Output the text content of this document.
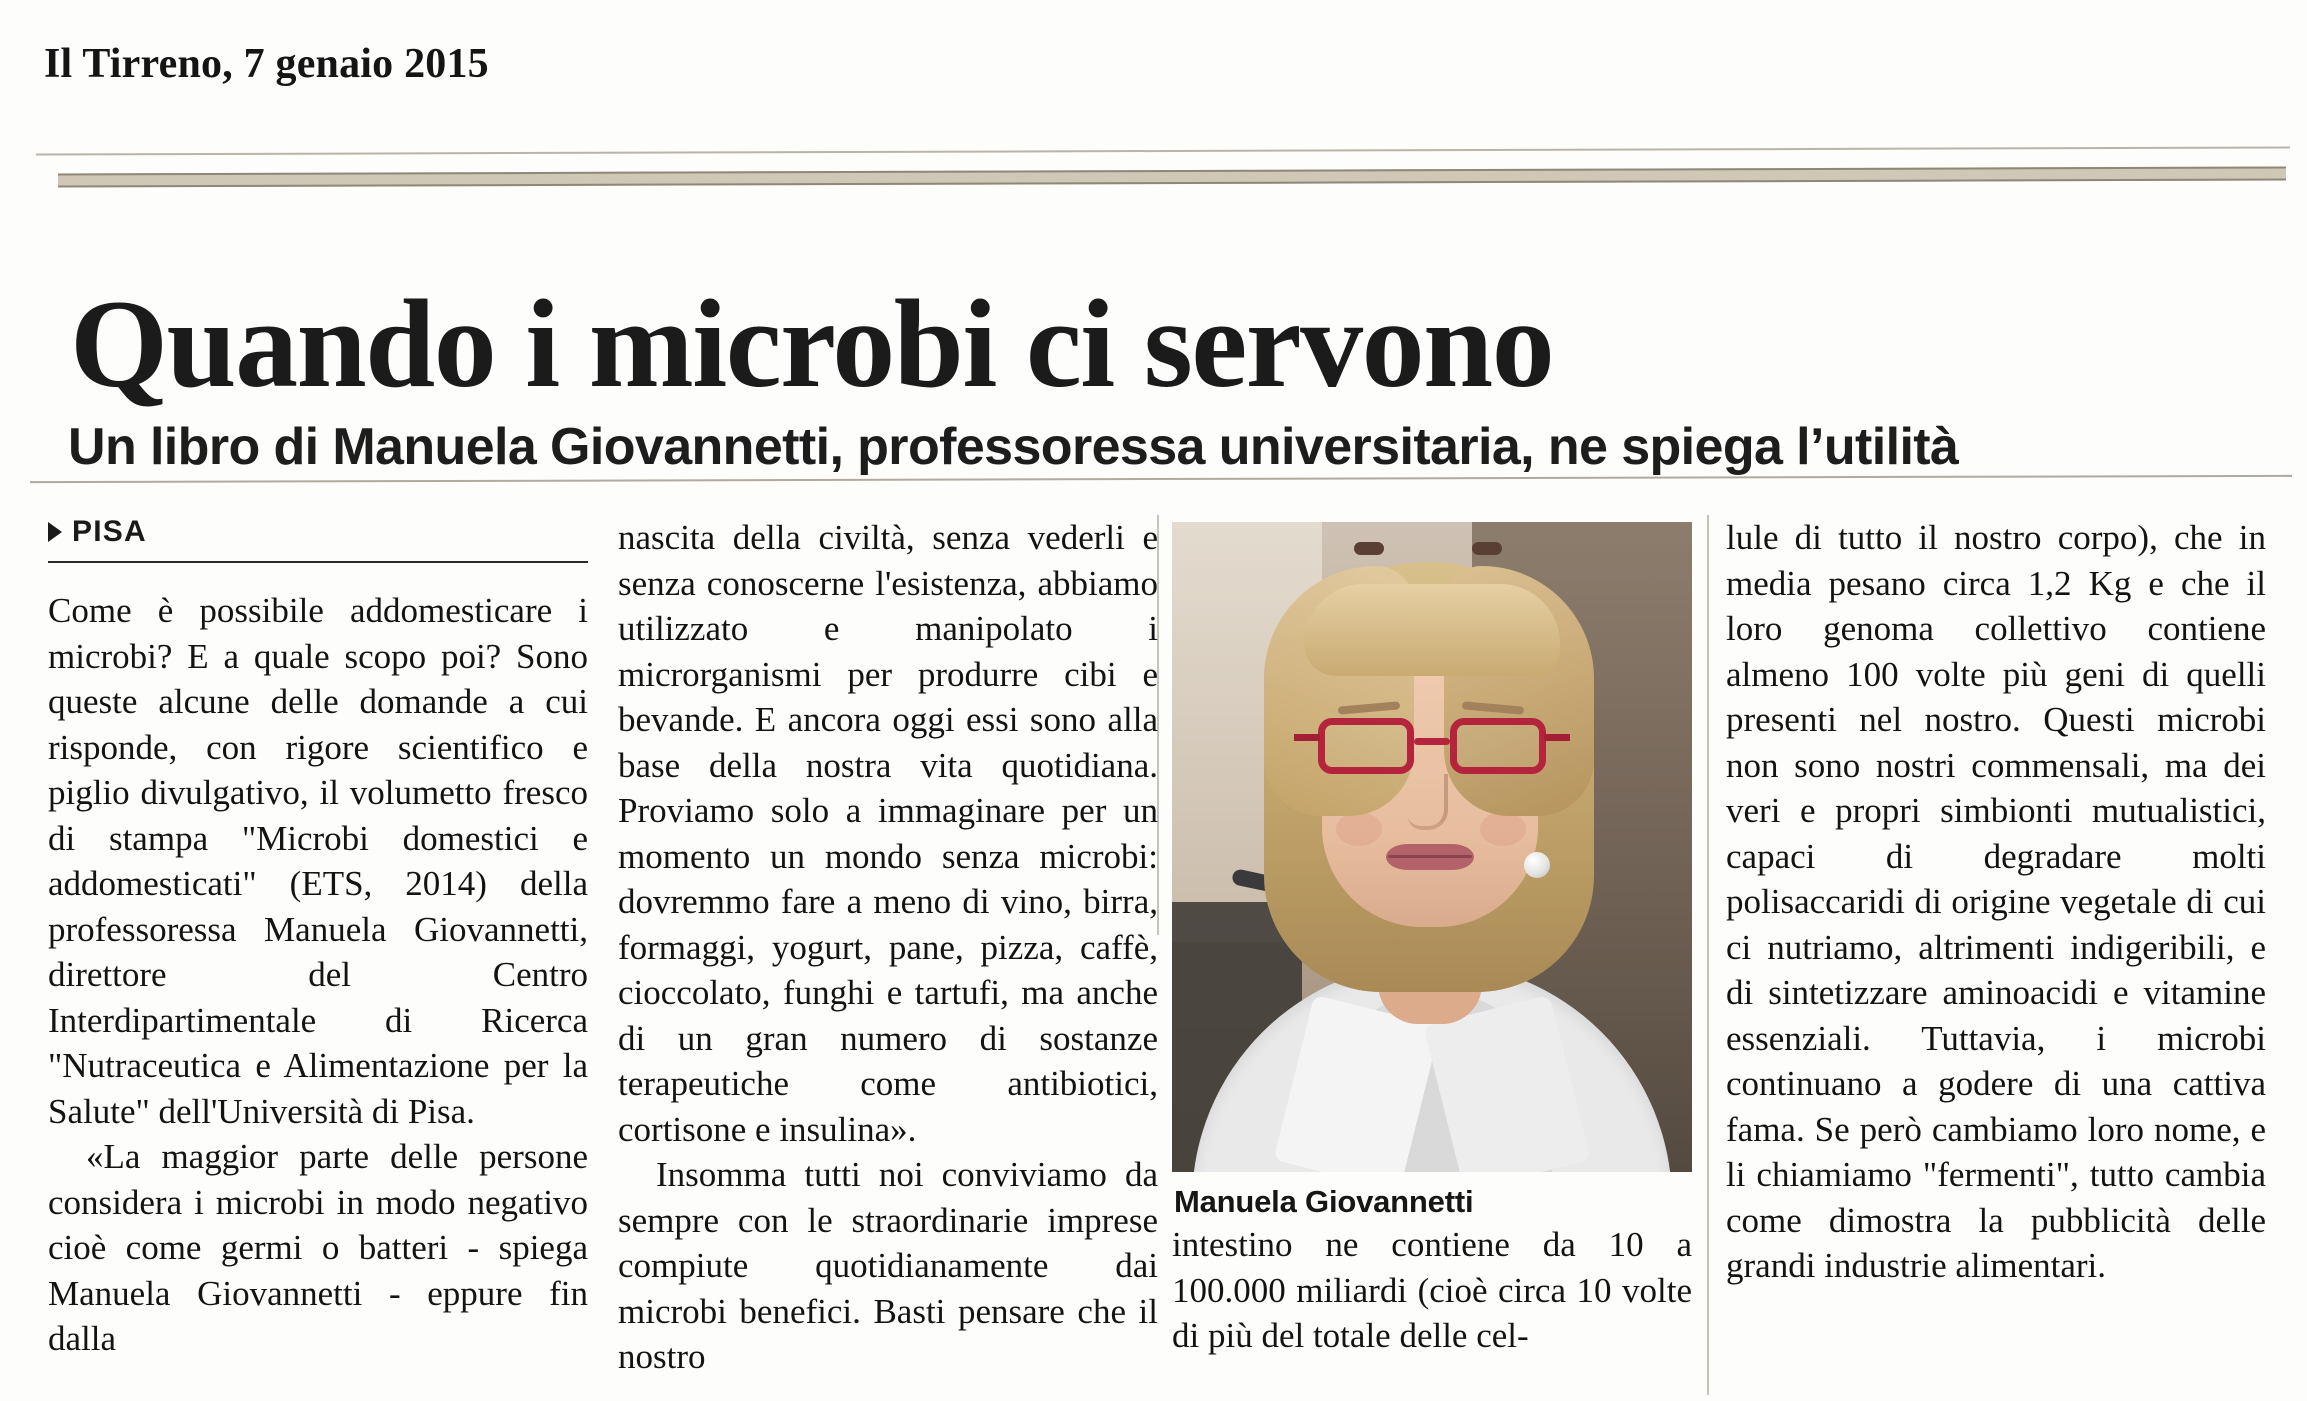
Il Tirreno, 7 genaio 2015
Quando i microbi ci servono
Un libro di Manuela Giovannetti, professoressa universitaria, ne spiega l’utilità
PISA

Come è possibile addomesticare i microbi? E a quale scopo poi? Sono queste alcune delle domande a cui risponde, con rigore scientifico e piglio divulgativo, il volumetto fresco di stampa "Microbi domestici e addomesticati" (ETS, 2014) della professoressa Manuela Giovannetti, direttore del Centro Interdipartimentale di Ricerca "Nutraceutica e Alimentazione per la Salute" dell'Università di Pisa.

«La maggior parte delle persone considera i microbi in modo negativo cioè come germi o batteri - spiega Manuela Giovannetti - eppure fin dalla

nascita della civiltà, senza vederli e senza conoscerne l'esistenza, abbiamo utilizzato e manipolato i microrganismi per produrre cibi e bevande. E ancora oggi essi sono alla base della nostra vita quotidiana. Proviamo solo a immaginare per un momento un mondo senza microbi: dovremmo fare a meno di vino, birra, formaggi, yogurt, pane, pizza, caffè, cioccolato, funghi e tartufi, ma anche di un gran numero di sostanze terapeutiche come antibiotici, cortisone e insulina».

Insomma tutti noi conviviamo da sempre con le straordinarie imprese compiute quotidianamente dai microbi benefici. Basti pensare che il nostro

Manuela Giovannetti

intestino ne contiene da 10 a 100.000 miliardi (cioè circa 10 volte di più del totale delle cel-

lule di tutto il nostro corpo), che in media pesano circa 1,2 Kg e che il loro genoma collettivo contiene almeno 100 volte più geni di quelli presenti nel nostro. Questi microbi non sono nostri commensali, ma dei veri e propri simbionti mutualistici, capaci di degradare molti polisaccaridi di origine vegetale di cui ci nutriamo, altrimenti indigeribili, e di sintetizzare aminoacidi e vitamine essenziali. Tuttavia, i microbi continuano a godere di una cattiva fama. Se però cambiamo loro nome, e li chiamiamo "fermenti", tutto cambia come dimostra la pubblicità delle grandi industrie alimentari.
